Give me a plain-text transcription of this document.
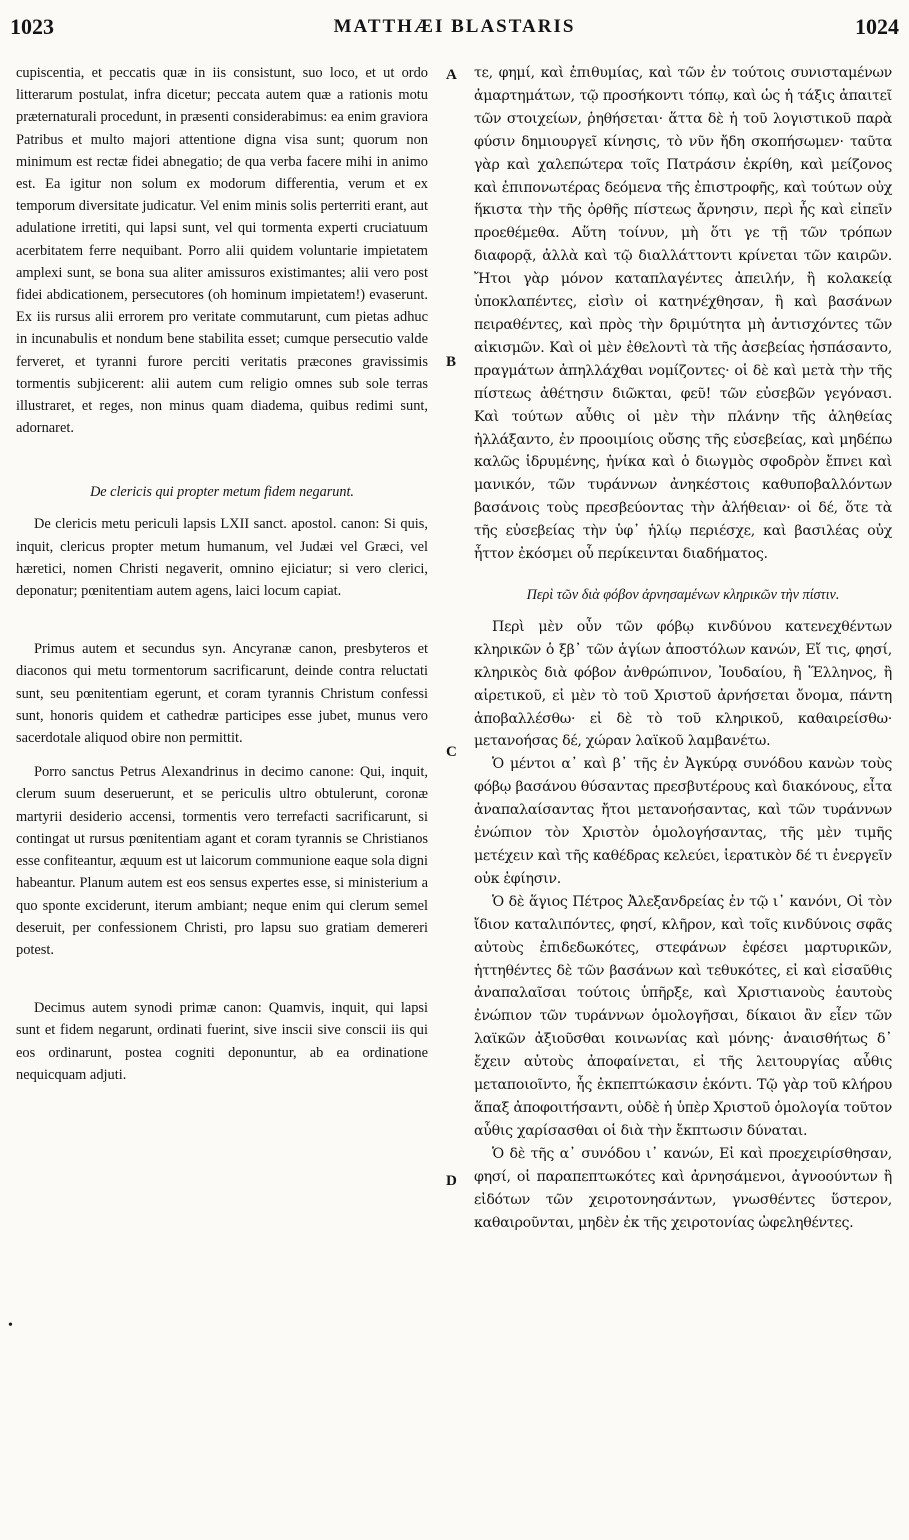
1023	MATTHÆI BLASTARIS	1024
A
B
C
D
•

cupiscentia, et peccatis quæ in iis consistunt, suo loco, et ut ordo litterarum postulat, infra dicetur; peccata autem quæ a rationis motu præternaturali procedunt, in præsenti considerabimus: ea enim graviora Patribus et multo majori attentione digna visa sunt; quorum non minimum est rectæ fidei abnegatio; de qua verba facere mihi in animo est. Ea igitur non solum ex modorum differentia, verum et ex temporum diversitate judicatur. Vel enim minis solis perterriti erant, aut adulatione irretiti, qui lapsi sunt, vel qui tormenta experti cruciatuum acerbitatem ferre nequibant. Porro alii quidem voluntarie impietatem amplexi sunt, se bona sua aliter amissuros existimantes; alii vero post fidei abdicationem, persecutores (oh hominum impietatem!) evaserunt. Ex iis rursus alii errorem pro veritate commutarunt, cum pietas adhuc in incunabulis et nondum bene stabilita esset; cumque persecutio valde ferveret, et tyranni furore perciti veritatis præcones gravissimis tormentis subjicerent: alii autem cum religio omnes sub sole terras illustraret, et reges, non minus quam diadema, quibus redimi sunt, adornaret.

De clericis qui propter metum fidem negarunt.

De clericis metu periculi lapsis LXII sanct. apostol. canon: Si quis, inquit, clericus propter metum humanum, vel Judæi vel Græci, vel hæretici, nomen Christi negaverit, omnino ejiciatur; si vero clerici, deponatur; pœnitentiam autem agens, laici locum capiat.

Primus autem et secundus syn. Ancyranæ canon, presbyteros et diaconos qui metu tormentorum sacrificarunt, deinde contra reluctati sunt, seu pœnitentiam egerunt, et coram tyrannis Christum confessi sunt, honoris quidem et cathedræ participes esse jubet, munus vero sacerdotale aliquod obire non permittit.

Porro sanctus Petrus Alexandrinus in decimo canone: Qui, inquit, clerum suum deseruerunt, et se periculis ultro obtulerunt, coronæ martyrii desiderio accensi, tormentis vero terrefacti sacrificarunt, si contingat ut rursus pœnitentiam agant et coram tyrannis se Christianos esse confiteantur, æquum est ut laicorum communione eaque sola digni habeantur. Planum autem est eos sensus expertes esse, si ministerium a quo sponte exciderunt, iterum ambiant; neque enim qui clerum semel deseruit, per confessionem Christi, pro lapsu suo gratiam demereri potest.

Decimus autem synodi primæ canon: Quamvis, inquit, qui lapsi sunt et fidem negarunt, ordinati fuerint, sive inscii sive conscii iis qui eos ordinarunt, postea cogniti deponuntur, ab ea ordinatione nequicquam adjuti.

τε, φημί, καὶ ἐπιθυμίας, καὶ τῶν ἐν τούτοις συνισταμένων ἁμαρτημάτων, τῷ προσήκοντι τόπῳ, καὶ ὡς ἡ τάξις ἀπαιτεῖ τῶν στοιχείων, ῥηθήσεται· ἅττα δὲ ἡ τοῦ λογιστικοῦ παρὰ φύσιν δημιουργεῖ κίνησις, τὸ νῦν ἤδη σκοπήσωμεν· ταῦτα γὰρ καὶ χαλεπώτερα τοῖς Πατράσιν ἐκρίθη, καὶ μείζονος καὶ ἐπιπονωτέρας δεόμενα τῆς ἐπιστροφῆς, καὶ τούτων οὐχ ἥκιστα τὴν τῆς ὀρθῆς πίστεως ἄρνησιν, περὶ ἧς καὶ εἰπεῖν προεθέμεθα. Αὕτη τοίνυν, μὴ ὅτι γε τῇ τῶν τρόπων διαφορᾷ, ἀλλὰ καὶ τῷ διαλλάττοντι κρίνεται τῶν καιρῶν. Ἤτοι γὰρ μόνον καταπλαγέντες ἀπειλήν, ἢ κολακείᾳ ὑποκλαπέντες, εἰσὶν οἱ κατηνέχθησαν, ἢ καὶ βασάνων πειραθέντες, καὶ πρὸς τὴν δριμύτητα μὴ ἀντισχόντες τῶν αἰκισμῶν. Καὶ οἱ μὲν ἐθελοντὶ τὰ τῆς ἀσεβείας ἠσπάσαντο, πραγμάτων ἀπηλλάχθαι νομίζοντες· οἱ δὲ καὶ μετὰ τὴν τῆς πίστεως ἀθέτησιν διῶκται, φεῦ! τῶν εὐσεβῶν γεγόνασι. Καὶ τούτων αὖθις οἱ μὲν τὴν πλάνην τῆς ἀληθείας ἠλλάξαντο, ἐν προοιμίοις οὔσης τῆς εὐσεβείας, καὶ μηδέπω καλῶς ἱδρυμένης, ἡνίκα καὶ ὁ διωγμὸς σφοδρὸν ἔπνει καὶ μανικόν, τῶν τυράννων ἀνηκέστοις καθυποβαλλόντων βασάνοις τοὺς πρεσβεύοντας τὴν ἀλήθειαν· οἱ δέ, ὅτε τὰ τῆς εὐσεβείας τὴν ὑφ᾽ ἡλίῳ περιέσχε, καὶ βασιλέας οὐχ ἧττον ἐκόσμει οὗ περίκεινται διαδήματος.

Περὶ τῶν διὰ φόβον ἀρνησαμένων κληρικῶν τὴν πίστιν.

Περὶ μὲν οὖν τῶν φόβῳ κινδύνου κατενεχθέντων κληρικῶν ὁ ξβ᾽ τῶν ἁγίων ἀποστόλων κανών, Εἴ τις, φησί, κληρικὸς διὰ φόβον ἀνθρώπινον, Ἰουδαίου, ἢ Ἕλληνος, ἢ αἱρετικοῦ, εἰ μὲν τὸ τοῦ Χριστοῦ ἀρνήσεται ὄνομα, πάντη ἀποβαλλέσθω· εἰ δὲ τὸ τοῦ κληρικοῦ, καθαιρείσθω· μετανοήσας δέ, χώραν λαϊκοῦ λαμβανέτω.

Ὁ μέντοι α᾽ καὶ β᾽ τῆς ἐν Ἀγκύρᾳ συνόδου κανὼν τοὺς φόβῳ βασάνου θύσαντας πρεσβυτέρους καὶ διακόνους, εἶτα ἀναπαλαίσαντας ἤτοι μετανοήσαντας, καὶ τῶν τυράννων ἐνώπιον τὸν Χριστὸν ὁμολογήσαντας, τῆς μὲν τιμῆς μετέχειν καὶ τῆς καθέδρας κελεύει, ἱερατικὸν δέ τι ἐνεργεῖν οὐκ ἐφίησιν.

Ὁ δὲ ἅγιος Πέτρος Ἀλεξανδρείας ἐν τῷ ι᾽ κανόνι, Οἱ τὸν ἴδιον καταλιπόντες, φησί, κλῆρον, καὶ τοῖς κινδύνοις σφᾶς αὐτοὺς ἐπιδεδωκότες, στεφάνων ἐφέσει μαρτυρικῶν, ἡττηθέντες δὲ τῶν βασάνων καὶ τεθυκότες, εἰ καὶ εἰσαῦθις ἀναπαλαῖσαι τούτοις ὑπῆρξε, καὶ Χριστιανοὺς ἑαυτοὺς ἐνώπιον τῶν τυράννων ὁμολογῆσαι, δίκαιοι ἂν εἶεν τῶν λαϊκῶν ἀξιοῦσθαι κοινωνίας καὶ μόνης· ἀναισθήτως δ᾽ ἔχειν αὐτοὺς ἀποφαίνεται, εἰ τῆς λειτουργίας αὖθις μεταποιοῖντο, ἧς ἐκπεπτώκασιν ἑκόντι. Τῷ γὰρ τοῦ κλήρου ἅπαξ ἀποφοιτήσαντι, οὐδὲ ἡ ὑπὲρ Χριστοῦ ὁμολογία τοῦτον αὖθις χαρίσασθαι οἱ διὰ τὴν ἔκπτωσιν δύναται.

Ὁ δὲ τῆς α᾽ συνόδου ι᾽ κανών, Εἰ καὶ προεχειρίσθησαν, φησί, οἱ παραπεπτωκότες καὶ ἀρνησάμενοι, ἀγνοούντων ἢ εἰδότων τῶν χειροτονησάντων, γνωσθέντες ὕστερον, καθαιροῦνται, μηδὲν ἐκ τῆς χειροτονίας ὠφεληθέντες.
